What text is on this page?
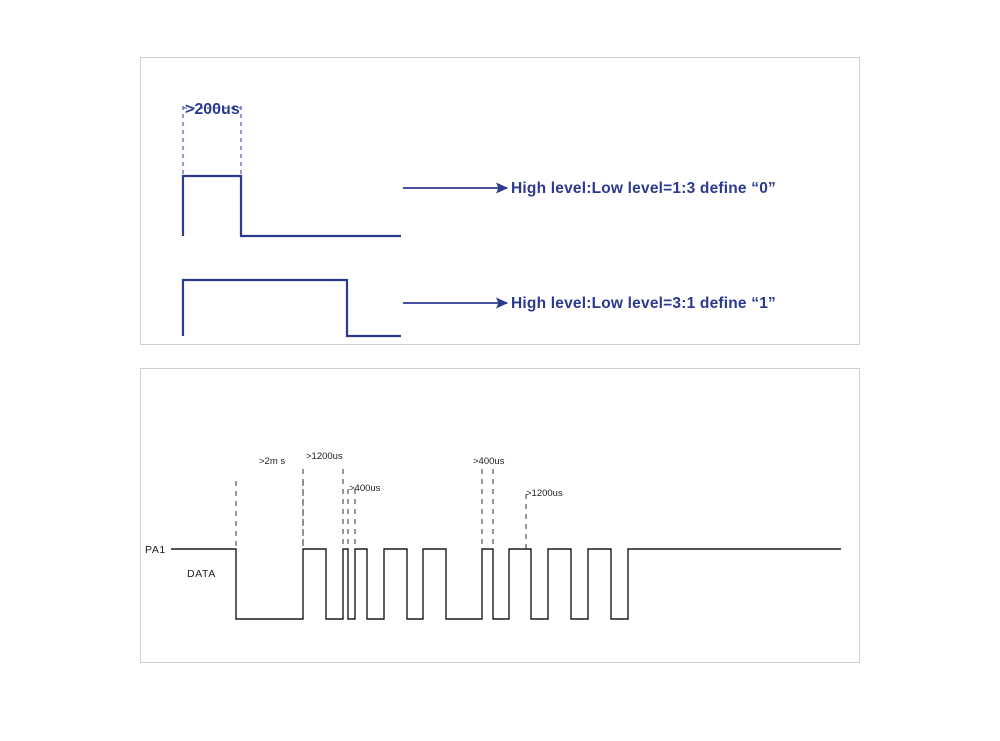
>200us
High level:Low level=1:3 define “0”
High level:Low level=3:1 define “1”
PA1
DATA
>2m s >1200us
>400us
>400us
>1200us
